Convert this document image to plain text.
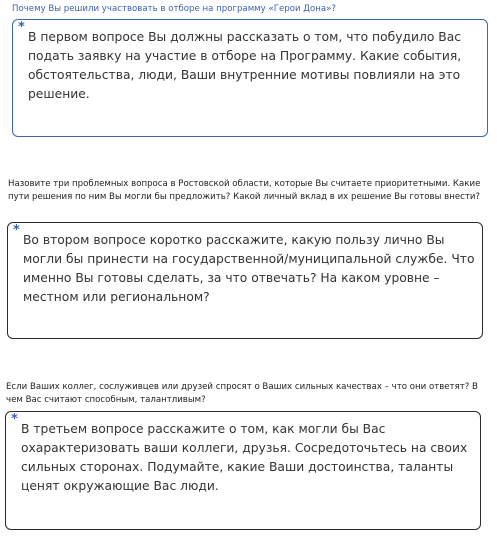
Почему Вы решили участвовать в отборе на программу «Герои Дона»?

*

В первом вопросе Вы должны рассказать о том, что побудило Вас подать заявку на участие в отборе на Программу. Какие события, обстоятельства, люди, Ваши внутренние мотивы повлияли на это решение.

Назовите три проблемных вопроса в Ростовской области, которые Вы считаете приоритетными. Какие пути решения по ним Вы могли бы предложить? Какой личный вклад в их решение Вы готовы внести?

*

Во втором вопросе коротко расскажите, какую пользу лично Вы могли бы принести на государственной/муниципальной службе. Что именно Вы готовы сделать, за что отвечать? На каком уровне – местном или региональном?

Если Ваших коллег, сослуживцев или друзей спросят о Ваших сильных качествах – что они ответят? В чем Вас считают способным, талантливым?

*

В третьем вопросе расскажите о том, как могли бы Вас охарактеризовать ваши коллеги, друзья. Сосредоточьтесь на своих сильных сторонах. Подумайте, какие Ваши достоинства, таланты ценят окружающие Вас люди.
